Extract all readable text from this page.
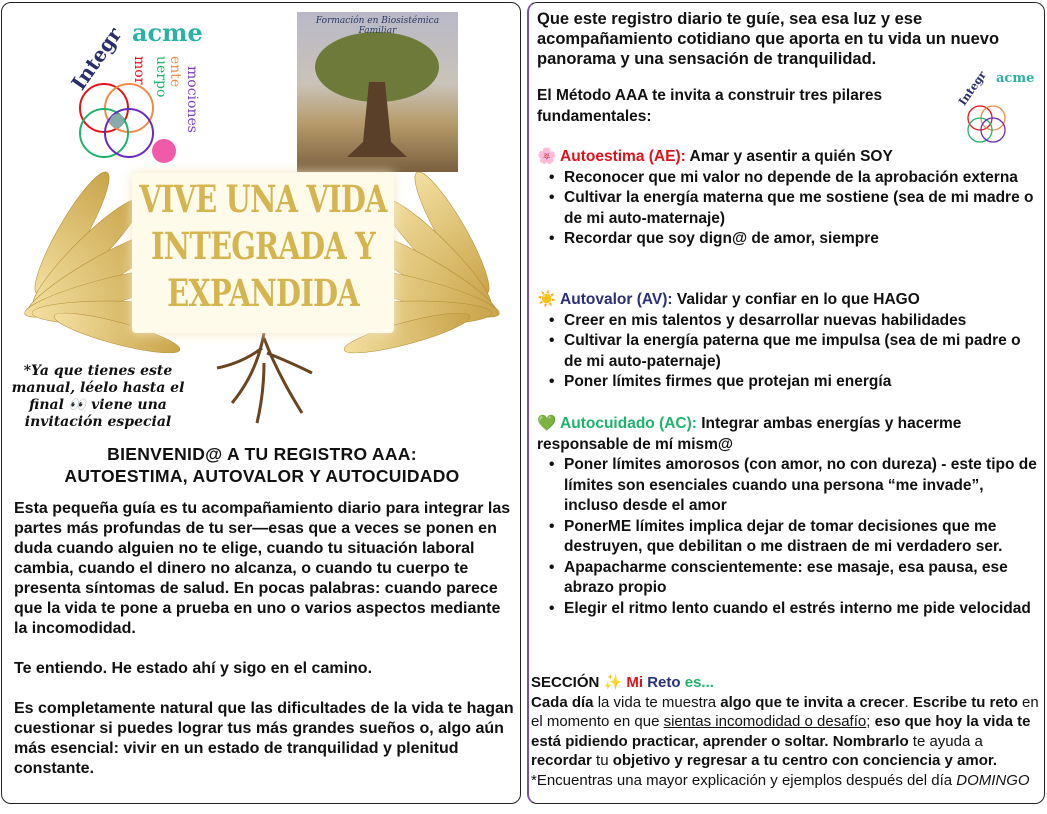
Integr acme
mor uerpo
ente mociones
Formación en Biosistémica Familiar
VIVE UNA VIDA
INTEGRADA Y
EXPANDIDA
*Ya que tienes este manual, léelo hasta el final 👀 viene una invitación especial
BIENVENID@ A TU REGISTRO AAA:
AUTOESTIMA, AUTOVALOR Y AUTOCUIDADO

Esta pequeña guía es tu acompañamiento diario para integrar las partes más profundas de tu ser—esas que a veces se ponen en duda cuando alguien no te elige, cuando tu situación laboral cambia, cuando el dinero no alcanza, o cuando tu cuerpo te presenta síntomas de salud. En pocas palabras: cuando parece que la vida te pone a prueba en uno o varios aspectos mediante la incomodidad.

Te entiendo. He estado ahí y sigo en el camino.

Es completamente natural que las dificultades de la vida te hagan cuestionar si puedes lograr tus más grandes sueños o, algo aún más esencial: vivir en un estado de tranquilidad y plenitud constante.

Que este registro diario te guíe, sea esa luz y ese acompañamiento cotidiano que aporta en tu vida un nuevo panorama y una sensación de tranquilidad.
Integr acme
El Método AAA te invita a construir tres pilares fundamentales:
🌸 Autoestima (AE): Amar y asentir a quién SOY
• Reconocer que mi valor no depende de la aprobación externa
• Cultivar la energía materna que me sostiene (sea de mi madre o de mi auto-maternaje)
• Recordar que soy dign@ de amor, siempre
☀️ Autovalor (AV): Validar y confiar en lo que HAGO
• Creer en mis talentos y desarrollar nuevas habilidades
• Cultivar la energía paterna que me impulsa (sea de mi padre o de mi auto-paternaje)
• Poner límites firmes que protejan mi energía
💚 Autocuidado (AC): Integrar ambas energías y hacerme responsable de mí mism@
• Poner límites amorosos (con amor, no con dureza) - este tipo de límites son esenciales cuando una persona “me invade”, incluso desde el amor
• PonerME límites implica dejar de tomar decisiones que me destruyen, que debilitan o me distraen de mi verdadero ser.
• Apapacharme conscientemente: ese masaje, esa pausa, ese abrazo propio
• Elegir el ritmo lento cuando el estrés interno me pide velocidad
SECCIÓN ✨ Mi Reto es...
Cada día la vida te muestra algo que te invita a crecer. Escribe tu reto en el momento en que sientas incomodidad o desafío; eso que hoy la vida te está pidiendo practicar, aprender o soltar. Nombrarlo te ayuda a recordar tu objetivo y regresar a tu centro con conciencia y amor. *Encuentras una mayor explicación y ejemplos después del día DOMINGO
